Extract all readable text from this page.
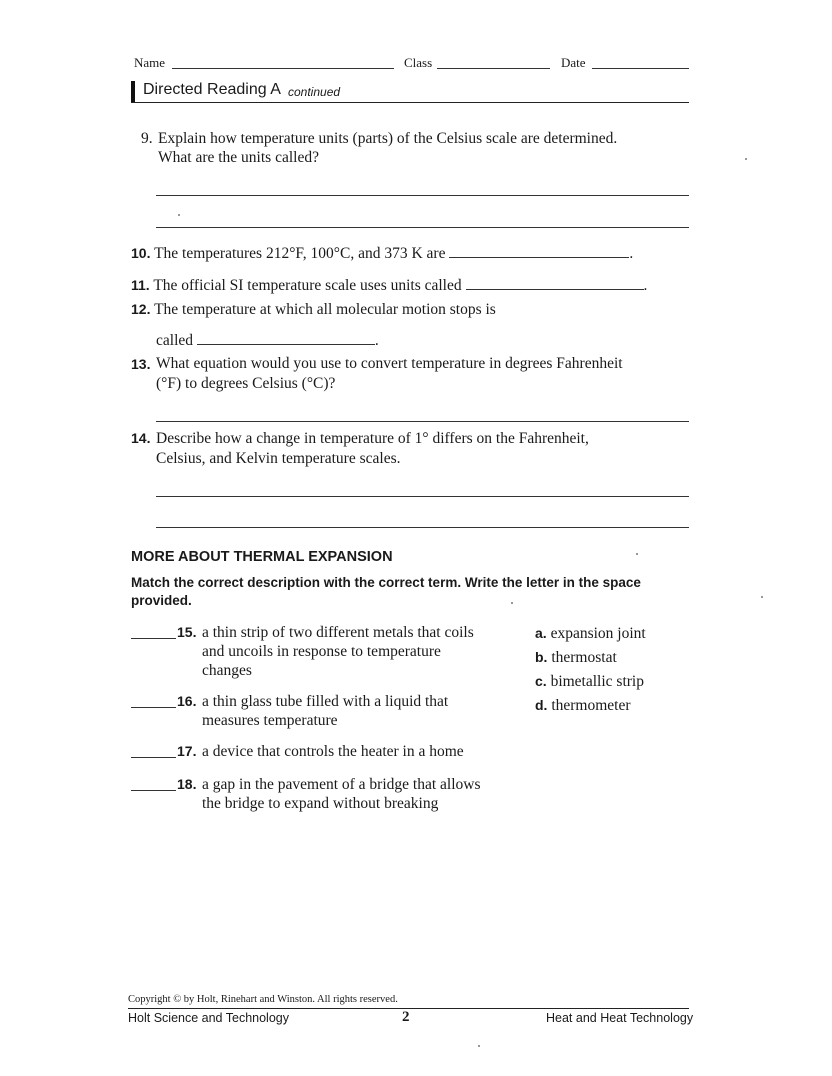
Name	Class	Date
Directed Reading A continued
9. Explain how temperature units (parts) of the Celsius scale are determined.
What are the units called?
10. The temperatures 212°F, 100°C, and 373 K are	.
11. The official SI temperature scale uses units called	.
12. The temperature at which all molecular motion stops is
called	.
13. What equation would you use to convert temperature in degrees Fahrenheit
(°F) to degrees Celsius (°C)?
14. Describe how a change in temperature of 1° differs on the Fahrenheit,
Celsius, and Kelvin temperature scales.
MORE ABOUT THERMAL EXPANSION
Match the correct description with the correct term. Write the letter in the space provided.
15. a thin strip of two different metals that coils
and uncoils in response to temperature
changes
16. a thin glass tube filled with a liquid that
measures temperature
17. a device that controls the heater in a home
18. a gap in the pavement of a bridge that allows
the bridge to expand without breaking
a. expansion joint
b. thermostat
c. bimetallic strip
d. thermometer
Copyright © by Holt, Rinehart and Winston. All rights reserved.
Holt Science and Technology	2	Heat and Heat Technology
